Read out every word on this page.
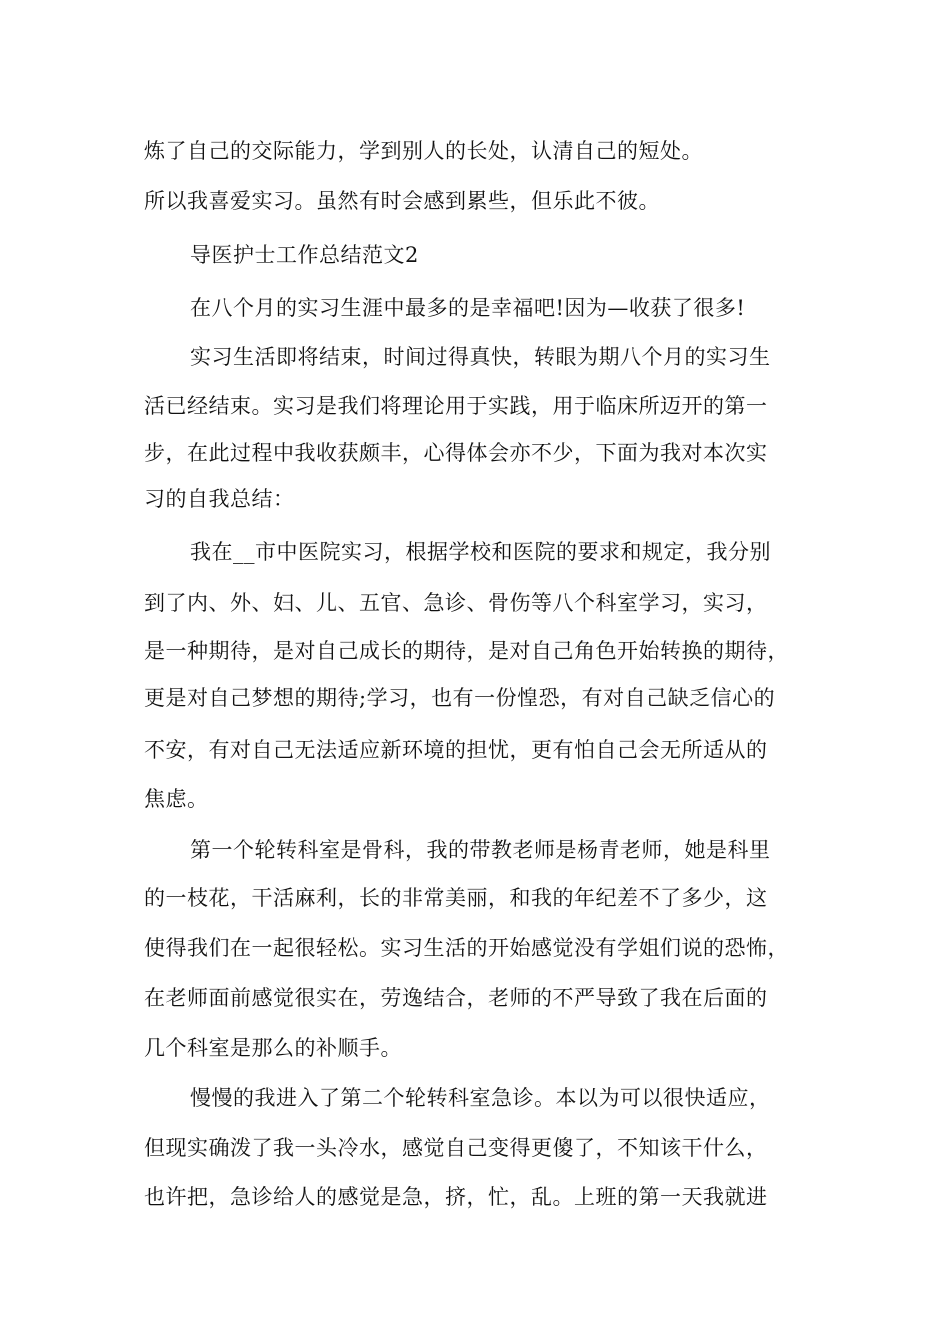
炼了自己的交际能力，学到别人的长处，认清自己的短处。
所以我喜爱实习。虽然有时会感到累些，但乐此不彼。
导医护士工作总结范文2
在八个月的实习生涯中最多的是幸福吧!因为—收获了很多!
实习生活即将结束，时间过得真快，转眼为期八个月的实习生
活已经结束。实习是我们将理论用于实践，用于临床所迈开的第一
步，在此过程中我收获颇丰，心得体会亦不少，下面为我对本次实
习的自我总结：
我在__市中医院实习，根据学校和医院的要求和规定，我分别
到了内、外、妇、儿、五官、急诊、骨伤等八个科室学习，实习，
是一种期待，是对自己成长的期待，是对自己角色开始转换的期待，
更是对自己梦想的期待;学习，也有一份惶恐，有对自己缺乏信心的
不安，有对自己无法适应新环境的担忧，更有怕自己会无所适从的
焦虑。
第一个轮转科室是骨科，我的带教老师是杨青老师，她是科里
的一枝花，干活麻利，长的非常美丽，和我的年纪差不了多少，这
使得我们在一起很轻松。实习生活的开始感觉没有学姐们说的恐怖，
在老师面前感觉很实在，劳逸结合，老师的不严导致了我在后面的
几个科室是那么的补顺手。
慢慢的我进入了第二个轮转科室急诊。本以为可以很快适应，
但现实确泼了我一头冷水，感觉自己变得更傻了，不知该干什么，
也许把，急诊给人的感觉是急，挤，忙，乱。上班的第一天我就进
